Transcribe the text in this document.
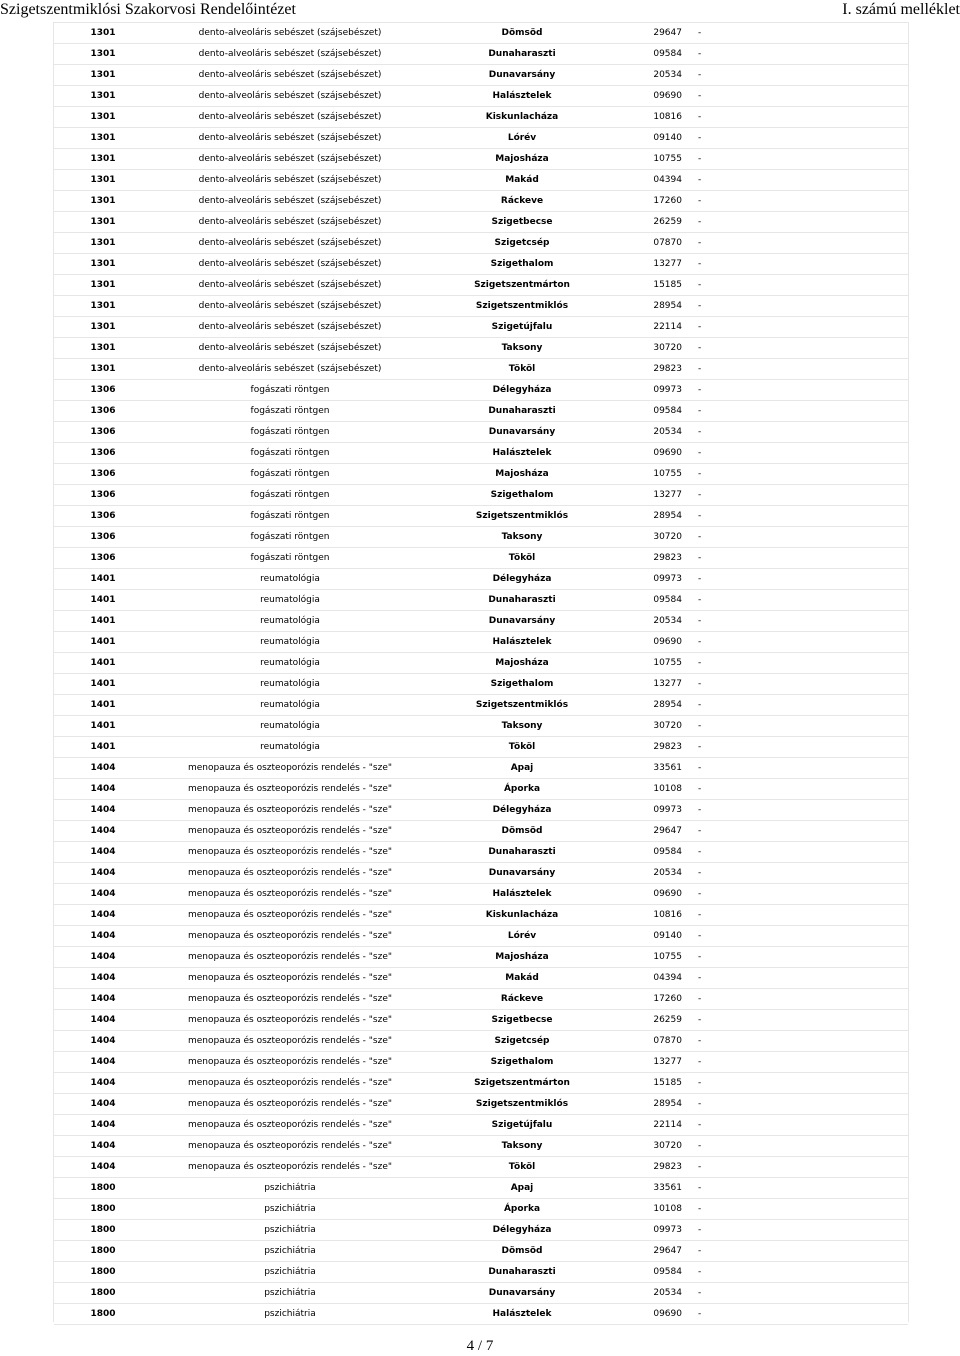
Szigetszentmiklósi Szakorvosi Rendelőintézet	I. számú melléklet
1301	dento-alveoláris sebészet (szájsebészet)	Dömsöd	29647	-
1301	dento-alveoláris sebészet (szájsebészet)	Dunaharaszti	09584	-
1301	dento-alveoláris sebészet (szájsebészet)	Dunavarsány	20534	-
1301	dento-alveoláris sebészet (szájsebészet)	Halásztelek	09690	-
1301	dento-alveoláris sebészet (szájsebészet)	Kiskunlacháza	10816	-
1301	dento-alveoláris sebészet (szájsebészet)	Lórév	09140	-
1301	dento-alveoláris sebészet (szájsebészet)	Majosháza	10755	-
1301	dento-alveoláris sebészet (szájsebészet)	Makád	04394	-
1301	dento-alveoláris sebészet (szájsebészet)	Ráckeve	17260	-
1301	dento-alveoláris sebészet (szájsebészet)	Szigetbecse	26259	-
1301	dento-alveoláris sebészet (szájsebészet)	Szigetcsép	07870	-
1301	dento-alveoláris sebészet (szájsebészet)	Szigethalom	13277	-
1301	dento-alveoláris sebészet (szájsebészet)	Szigetszentmárton	15185	-
1301	dento-alveoláris sebészet (szájsebészet)	Szigetszentmiklós	28954	-
1301	dento-alveoláris sebészet (szájsebészet)	Szigetújfalu	22114	-
1301	dento-alveoláris sebészet (szájsebészet)	Taksony	30720	-
1301	dento-alveoláris sebészet (szájsebészet)	Tököl	29823	-
1306	fogászati röntgen	Délegyháza	09973	-
1306	fogászati röntgen	Dunaharaszti	09584	-
1306	fogászati röntgen	Dunavarsány	20534	-
1306	fogászati röntgen	Halásztelek	09690	-
1306	fogászati röntgen	Majosháza	10755	-
1306	fogászati röntgen	Szigethalom	13277	-
1306	fogászati röntgen	Szigetszentmiklós	28954	-
1306	fogászati röntgen	Taksony	30720	-
1306	fogászati röntgen	Tököl	29823	-
1401	reumatológia	Délegyháza	09973	-
1401	reumatológia	Dunaharaszti	09584	-
1401	reumatológia	Dunavarsány	20534	-
1401	reumatológia	Halásztelek	09690	-
1401	reumatológia	Majosháza	10755	-
1401	reumatológia	Szigethalom	13277	-
1401	reumatológia	Szigetszentmiklós	28954	-
1401	reumatológia	Taksony	30720	-
1401	reumatológia	Tököl	29823	-
1404	menopauza és oszteoporózis rendelés - "sze"	Apaj	33561	-
1404	menopauza és oszteoporózis rendelés - "sze"	Áporka	10108	-
1404	menopauza és oszteoporózis rendelés - "sze"	Délegyháza	09973	-
1404	menopauza és oszteoporózis rendelés - "sze"	Dömsöd	29647	-
1404	menopauza és oszteoporózis rendelés - "sze"	Dunaharaszti	09584	-
1404	menopauza és oszteoporózis rendelés - "sze"	Dunavarsány	20534	-
1404	menopauza és oszteoporózis rendelés - "sze"	Halásztelek	09690	-
1404	menopauza és oszteoporózis rendelés - "sze"	Kiskunlacháza	10816	-
1404	menopauza és oszteoporózis rendelés - "sze"	Lórév	09140	-
1404	menopauza és oszteoporózis rendelés - "sze"	Majosháza	10755	-
1404	menopauza és oszteoporózis rendelés - "sze"	Makád	04394	-
1404	menopauza és oszteoporózis rendelés - "sze"	Ráckeve	17260	-
1404	menopauza és oszteoporózis rendelés - "sze"	Szigetbecse	26259	-
1404	menopauza és oszteoporózis rendelés - "sze"	Szigetcsép	07870	-
1404	menopauza és oszteoporózis rendelés - "sze"	Szigethalom	13277	-
1404	menopauza és oszteoporózis rendelés - "sze"	Szigetszentmárton	15185	-
1404	menopauza és oszteoporózis rendelés - "sze"	Szigetszentmiklós	28954	-
1404	menopauza és oszteoporózis rendelés - "sze"	Szigetújfalu	22114	-
1404	menopauza és oszteoporózis rendelés - "sze"	Taksony	30720	-
1404	menopauza és oszteoporózis rendelés - "sze"	Tököl	29823	-
1800	pszichiátria	Apaj	33561	-
1800	pszichiátria	Áporka	10108	-
1800	pszichiátria	Délegyháza	09973	-
1800	pszichiátria	Dömsöd	29647	-
1800	pszichiátria	Dunaharaszti	09584	-
1800	pszichiátria	Dunavarsány	20534	-
1800	pszichiátria	Halásztelek	09690	-
4 / 7
